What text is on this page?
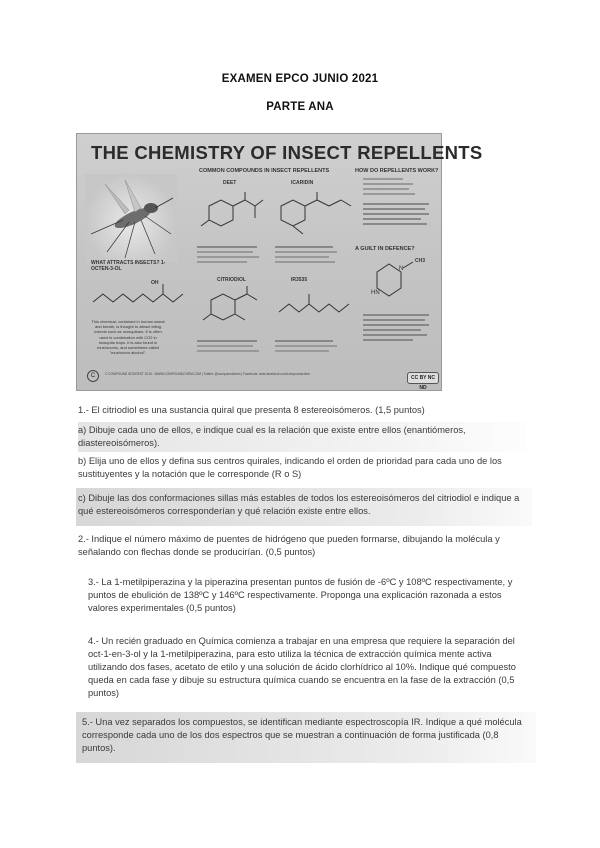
EXAMEN EPCO JUNIO 2021
PARTE ANA
THE CHEMISTRY OF INSECT REPELLENTS
COMMON COMPOUNDS IN INSECT REPELLENTS	HOW DO REPELLENTS WORK?
DEET	ICARIDIN
CITRIODIOL	IR3535
WHAT ATTRACTS INSECTS? 1-OCTEN-3-OL
OH
This chemical, contained in human sweat and breath, is thought to attract biting insects such as mosquitoes. It is often used in combination with CO2 in mosquito traps. It is also found in mushrooms, and sometimes called "mushroom alcohol".
A GUILT IN DEFENCE?
N
HN
CH3
C	© COMPOUND INTEREST 2015 - WWW.COMPOUNDCHEM.COM | Twitter: @compoundchem | Facebook: www.facebook.com/compoundchem
CC BY NC ND
1.- El citriodiol es una sustancia quiral que presenta 8 estereoisómeros. (1,5 puntos)
a) Dibuje cada uno de ellos, e indique cual es la relación que existe entre ellos (enantiómeros, diastereoisómeros).
b) Elija uno de ellos y defina sus centros quirales, indicando el orden de prioridad para cada uno de los sustituyentes y la notación que le corresponde (R o S)
c) Dibuje las dos conformaciones sillas más estables de todos los estereoisómeros del citriodiol e indique a qué estereoisómeros corresponderían y qué relación existe entre ellos.
2.- Indique el número máximo de puentes de hidrógeno que pueden formarse, dibujando la molécula y señalando con flechas donde se producirían. (0,5 puntos)
3.- La 1-metilpiperazina y la piperazina presentan puntos de fusión de -6ºC y 108ºC respectivamente, y puntos de ebulición de 138ºC y 146ºC respectivamente. Proponga una explicación razonada a estos valores experimentales (0,5 puntos)
4.- Un recién graduado en Química comienza a trabajar en una empresa que requiere la separación del oct-1-en-3-ol y la 1-metilpiperazina, para esto utiliza la técnica de extracción química mente activa utilizando dos fases, acetato de etilo y una solución de ácido clorhídrico al 10%. Indique qué compuesto queda en cada fase y dibuje su estructura química cuando se encuentra en la fase de la extracción (0,5 puntos)
5.- Una vez separados los compuestos, se identifican mediante espectroscopía IR. Indique a qué molécula corresponde cada uno de los dos espectros que se muestran a continuación de forma justificada (0,8 puntos).
